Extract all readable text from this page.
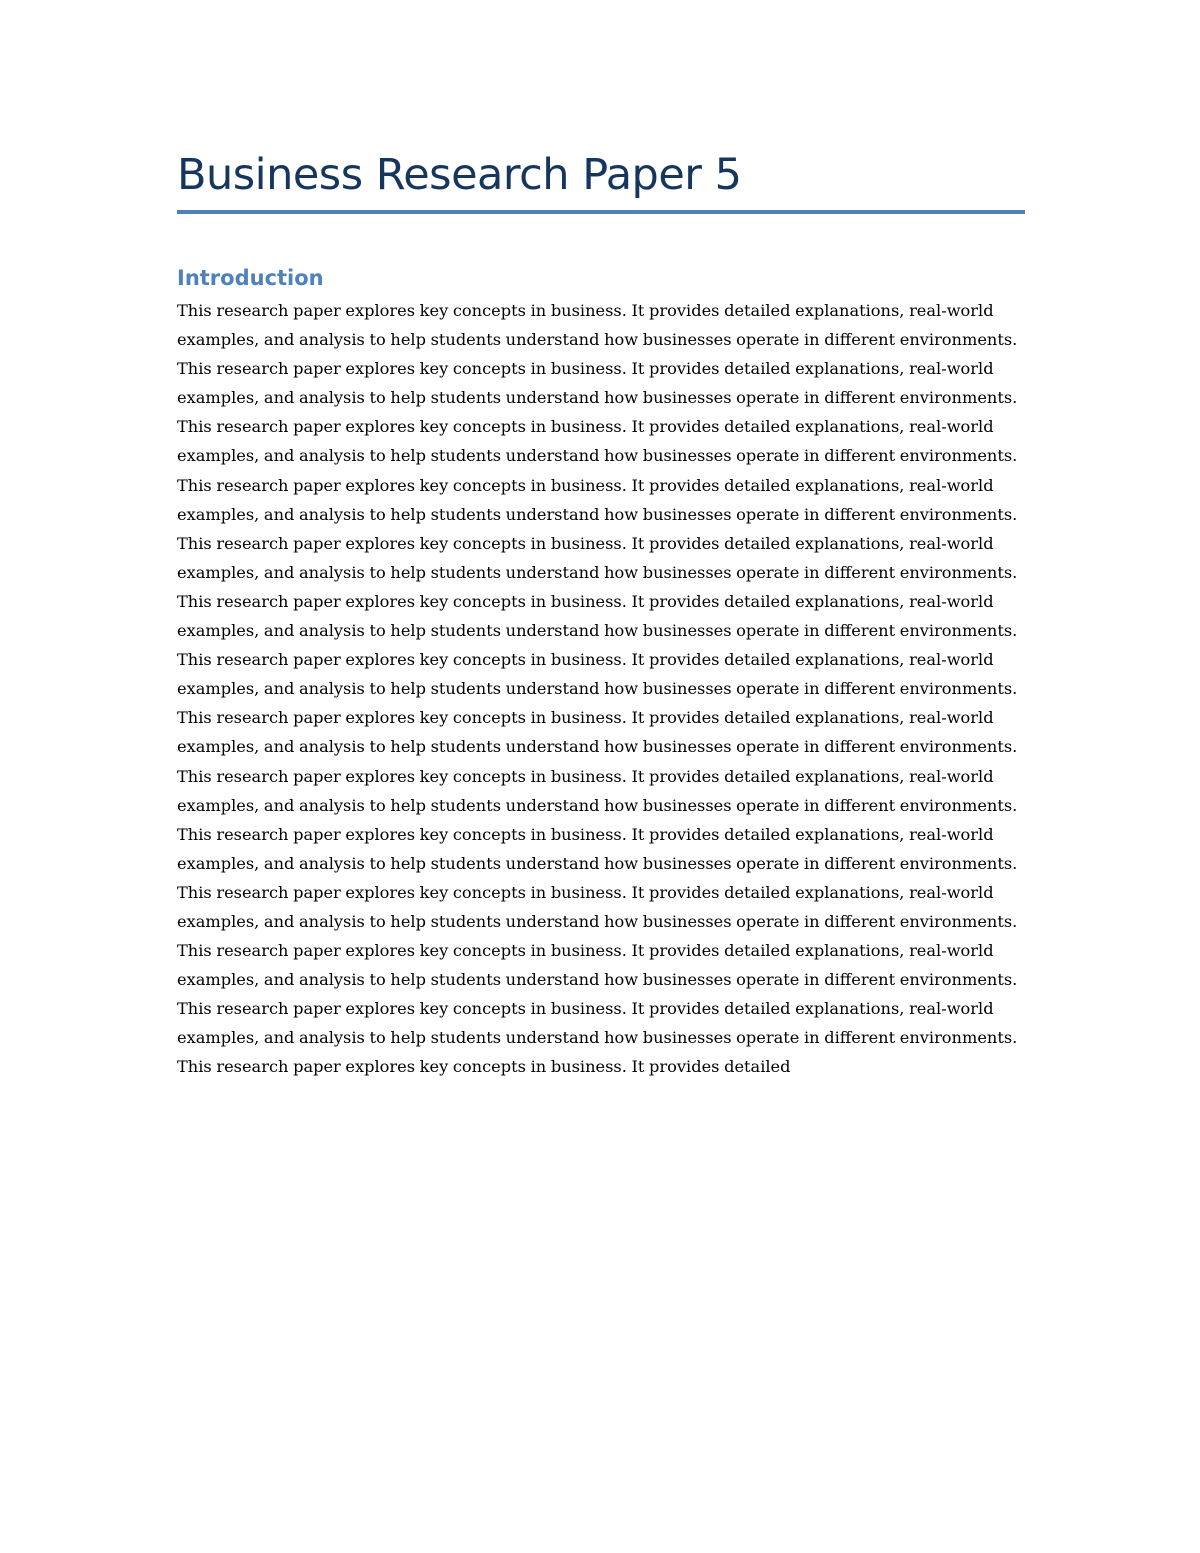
Business Research Paper 5
Introduction

This research paper explores key concepts in business. It provides detailed explanations, real-world examples, and analysis to help students understand how businesses operate in different environments. This research paper explores key concepts in business. It provides detailed explanations, real-world examples, and analysis to help students understand how businesses operate in different environments. This research paper explores key concepts in business. It provides detailed explanations, real-world examples, and analysis to help students understand how businesses operate in different environments. This research paper explores key concepts in business. It provides detailed explanations, real-world examples, and analysis to help students understand how businesses operate in different environments. This research paper explores key concepts in business. It provides detailed explanations, real-world examples, and analysis to help students understand how businesses operate in different environments. This research paper explores key concepts in business. It provides detailed explanations, real-world examples, and analysis to help students understand how businesses operate in different environments. This research paper explores key concepts in business. It provides detailed explanations, real-world examples, and analysis to help students understand how businesses operate in different environments. This research paper explores key concepts in business. It provides detailed explanations, real-world examples, and analysis to help students understand how businesses operate in different environments. This research paper explores key concepts in business. It provides detailed explanations, real-world examples, and analysis to help students understand how businesses operate in different environments. This research paper explores key concepts in business. It provides detailed explanations, real-world examples, and analysis to help students understand how businesses operate in different environments. This research paper explores key concepts in business. It provides detailed explanations, real-world examples, and analysis to help students understand how businesses operate in different environments. This research paper explores key concepts in business. It provides detailed explanations, real-world examples, and analysis to help students understand how businesses operate in different environments. This research paper explores key concepts in business. It provides detailed explanations, real-world examples, and analysis to help students understand how businesses operate in different environments. This research paper explores key concepts in business. It provides detailed
